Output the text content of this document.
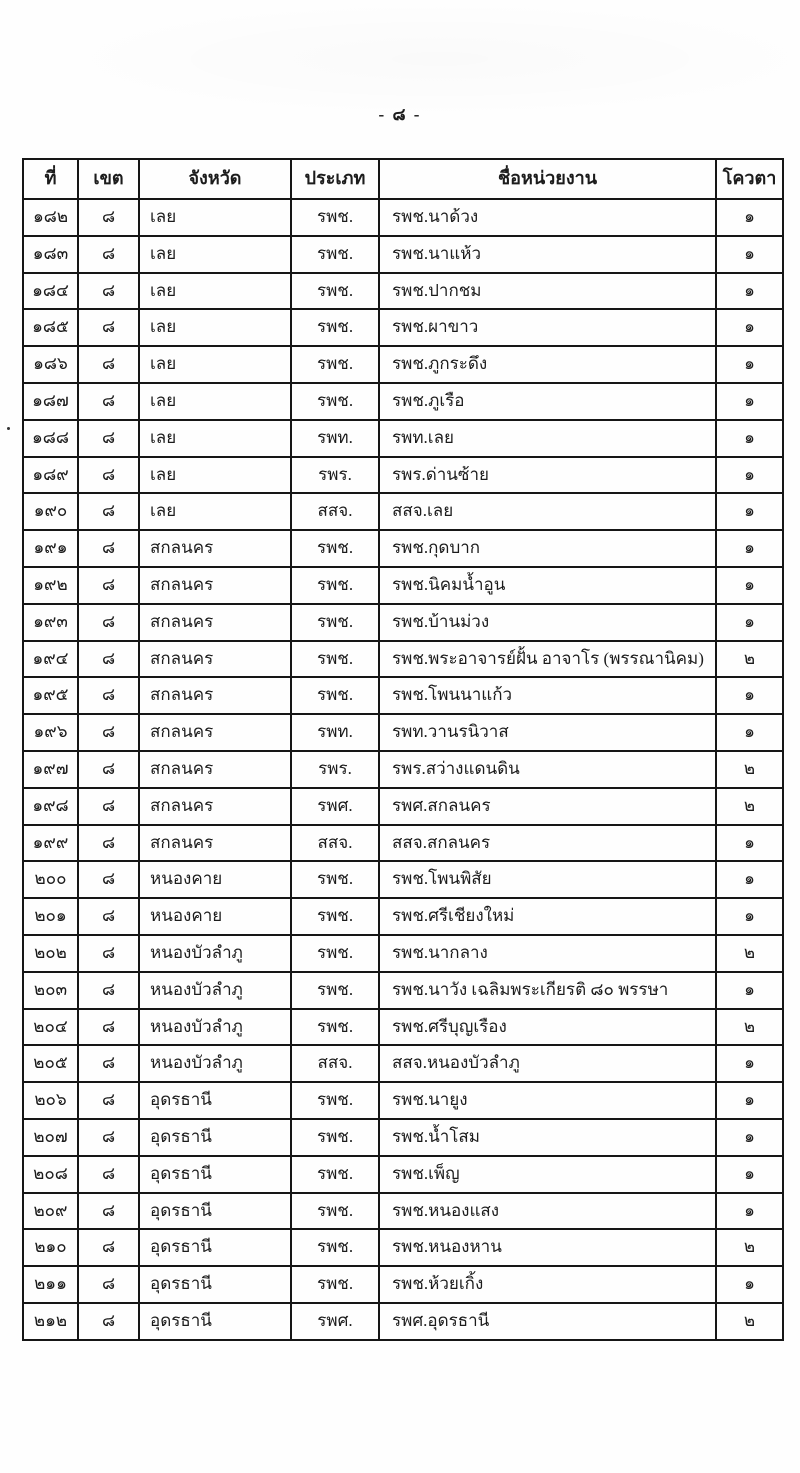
- ๘ -
ที่	เขต	จังหวัด	ประเภท	ชื่อหน่วยงาน	โควตา
๑๘๒	๘	เลย	รพช.	รพช.นาด้วง	๑
๑๘๓	๘	เลย	รพช.	รพช.นาแห้ว	๑
๑๘๔	๘	เลย	รพช.	รพช.ปากชม	๑
๑๘๕	๘	เลย	รพช.	รพช.ผาขาว	๑
๑๘๖	๘	เลย	รพช.	รพช.ภูกระดึง	๑
๑๘๗	๘	เลย	รพช.	รพช.ภูเรือ	๑
๑๘๘	๘	เลย	รพท.	รพท.เลย	๑
๑๘๙	๘	เลย	รพร.	รพร.ด่านซ้าย	๑
๑๙๐	๘	เลย	สสจ.	สสจ.เลย	๑
๑๙๑	๘	สกลนคร	รพช.	รพช.กุดบาก	๑
๑๙๒	๘	สกลนคร	รพช.	รพช.นิคมน้ำอูน	๑
๑๙๓	๘	สกลนคร	รพช.	รพช.บ้านม่วง	๑
๑๙๔	๘	สกลนคร	รพช.	รพช.พระอาจารย์ฝั้น อาจาโร (พรรณานิคม)	๒
๑๙๕	๘	สกลนคร	รพช.	รพช.โพนนาแก้ว	๑
๑๙๖	๘	สกลนคร	รพท.	รพท.วานรนิวาส	๑
๑๙๗	๘	สกลนคร	รพร.	รพร.สว่างแดนดิน	๒
๑๙๘	๘	สกลนคร	รพศ.	รพศ.สกลนคร	๒
๑๙๙	๘	สกลนคร	สสจ.	สสจ.สกลนคร	๑
๒๐๐	๘	หนองคาย	รพช.	รพช.โพนพิสัย	๑
๒๐๑	๘	หนองคาย	รพช.	รพช.ศรีเชียงใหม่	๑
๒๐๒	๘	หนองบัวลำภู	รพช.	รพช.นากลาง	๒
๒๐๓	๘	หนองบัวลำภู	รพช.	รพช.นาวัง เฉลิมพระเกียรติ ๘๐ พรรษา	๑
๒๐๔	๘	หนองบัวลำภู	รพช.	รพช.ศรีบุญเรือง	๒
๒๐๕	๘	หนองบัวลำภู	สสจ.	สสจ.หนองบัวลำภู	๑
๒๐๖	๘	อุดรธานี	รพช.	รพช.นายูง	๑
๒๐๗	๘	อุดรธานี	รพช.	รพช.น้ำโสม	๑
๒๐๘	๘	อุดรธานี	รพช.	รพช.เพ็ญ	๑
๒๐๙	๘	อุดรธานี	รพช.	รพช.หนองแสง	๑
๒๑๐	๘	อุดรธานี	รพช.	รพช.หนองหาน	๒
๒๑๑	๘	อุดรธานี	รพช.	รพช.ห้วยเกิ้ง	๑
๒๑๒	๘	อุดรธานี	รพศ.	รพศ.อุดรธานี	๒
